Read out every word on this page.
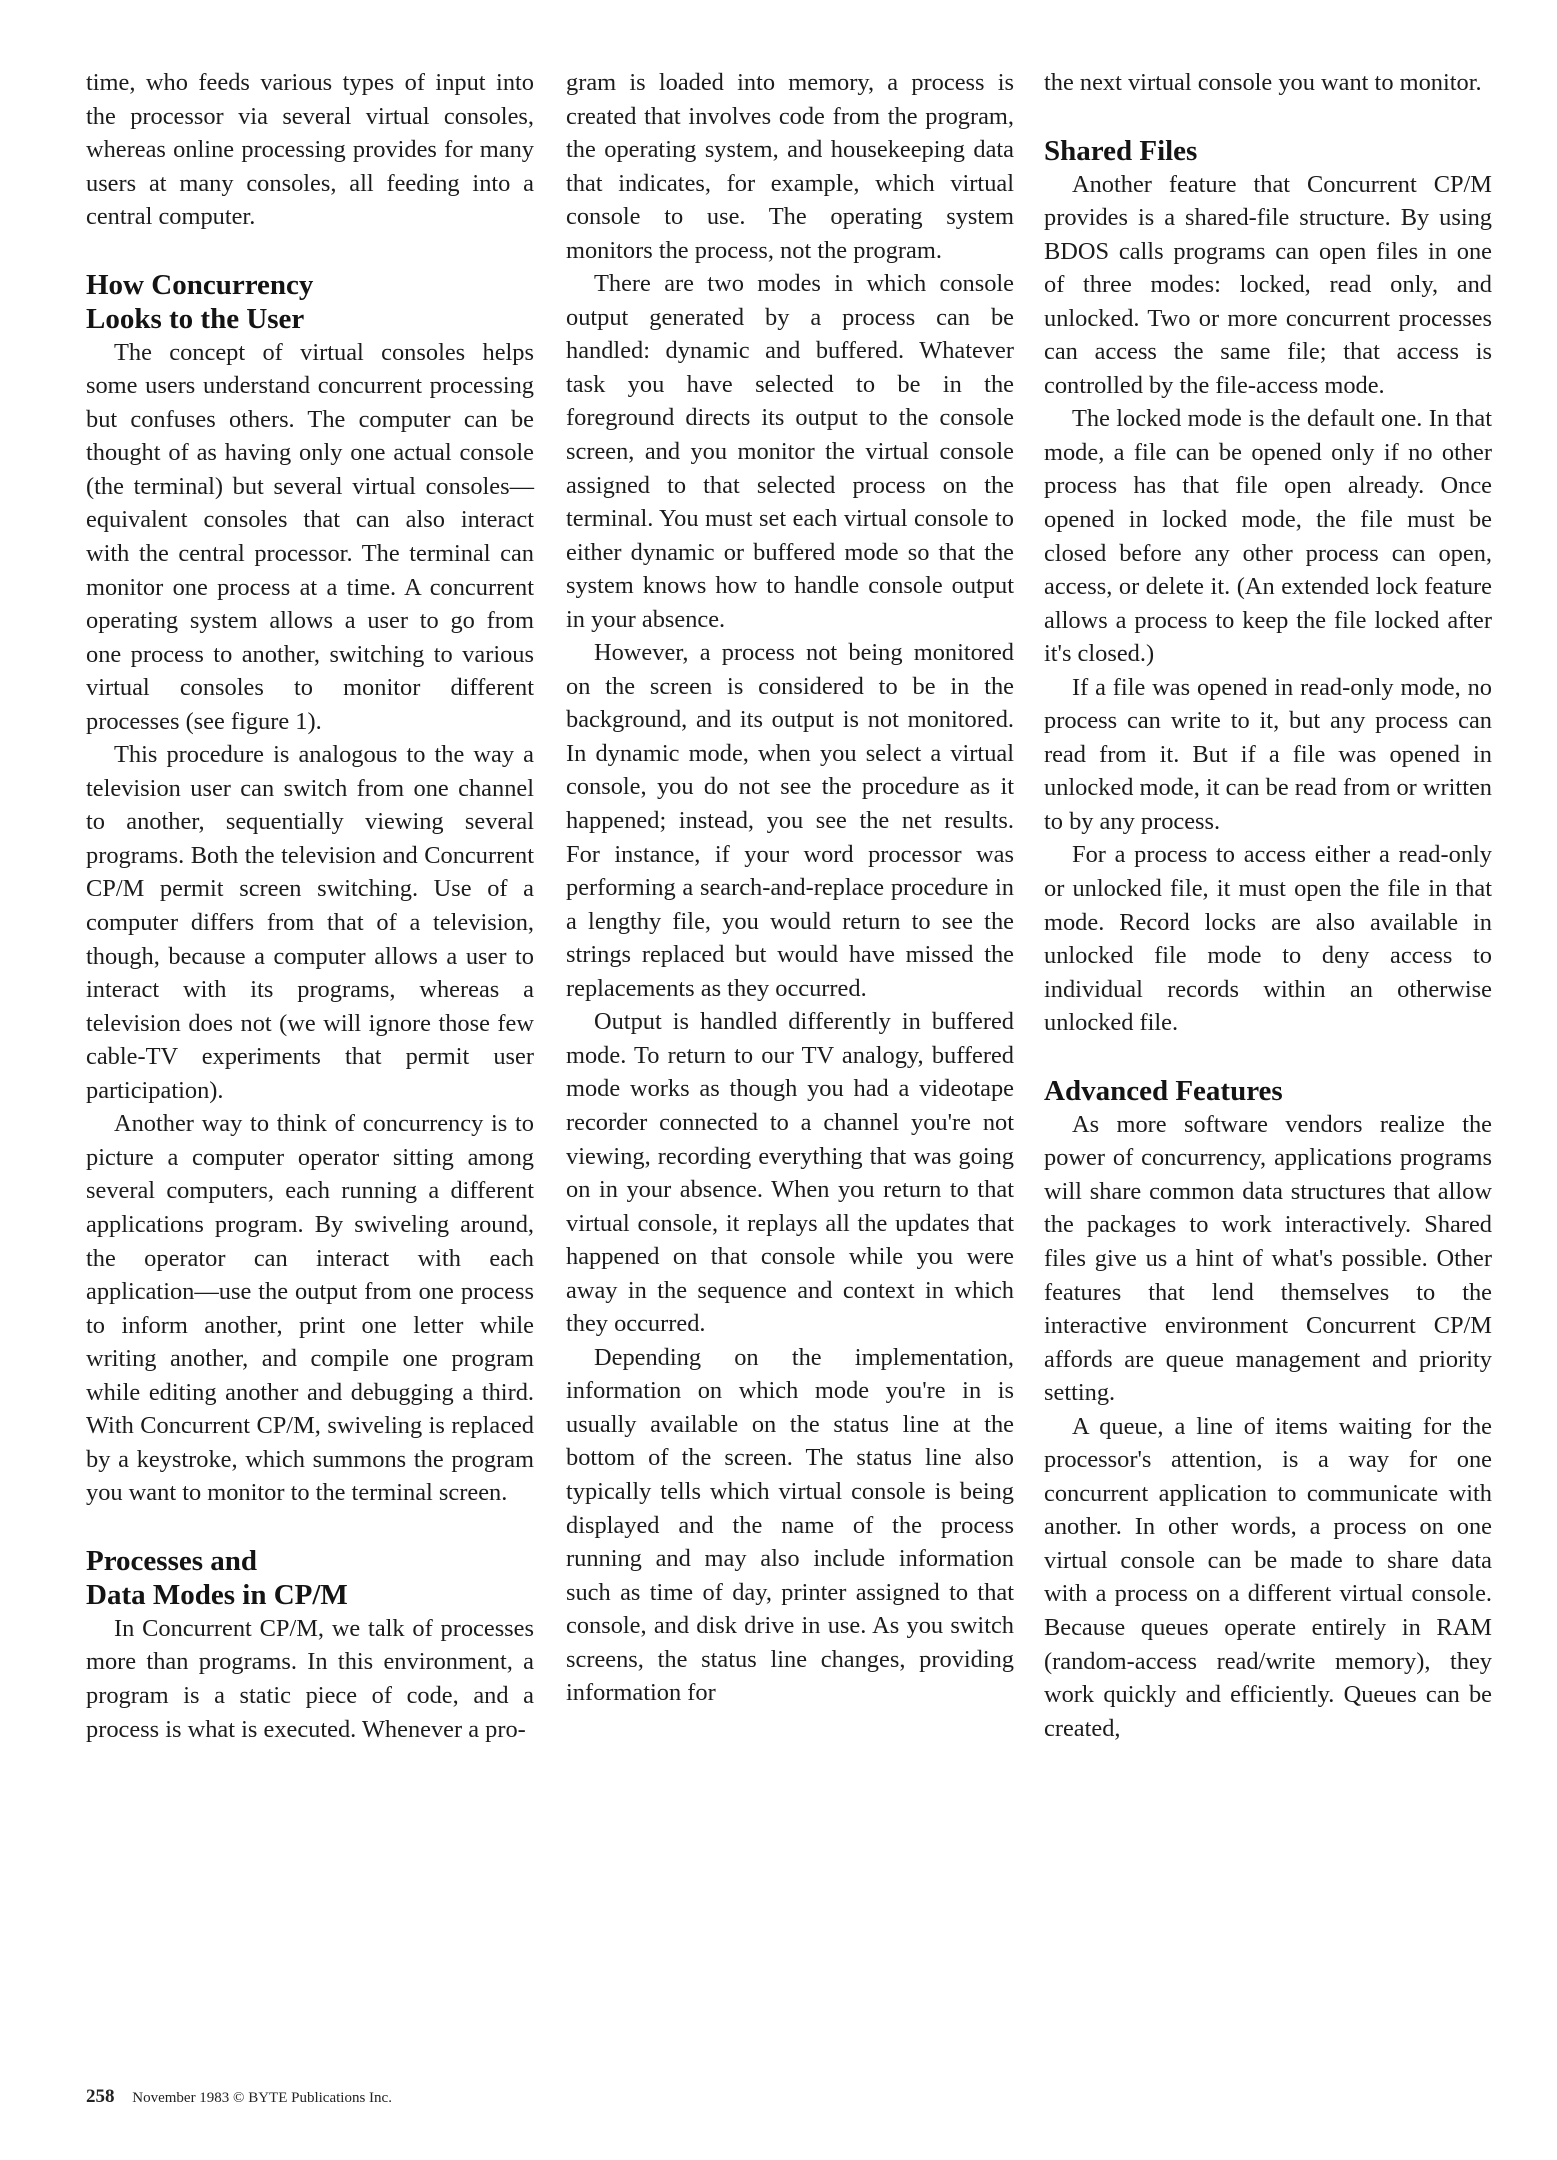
time, who feeds various types of input into the processor via several virtual consoles, whereas online processing provides for many users at many consoles, all feeding into a central computer.

How Concurrency
Looks to the User

The concept of virtual consoles helps some users understand concurrent processing but confuses others. The computer can be thought of as having only one actual console (the terminal) but several virtual consoles—equivalent consoles that can also interact with the central processor. The terminal can monitor one process at a time. A concurrent operating system allows a user to go from one process to another, switching to various virtual consoles to monitor different processes (see figure 1).

This procedure is analogous to the way a television user can switch from one channel to another, sequentially viewing several programs. Both the television and Concurrent CP/M permit screen switching. Use of a computer differs from that of a television, though, because a computer allows a user to interact with its programs, whereas a television does not (we will ignore those few cable-TV experiments that permit user participation).

Another way to think of concurrency is to picture a computer operator sitting among several computers, each running a different applications program. By swiveling around, the operator can interact with each application—use the output from one process to inform another, print one letter while writing another, and compile one program while editing another and debugging a third. With Concurrent CP/M, swiveling is replaced by a keystroke, which summons the program you want to monitor to the terminal screen.

Processes and
Data Modes in CP/M

In Concurrent CP/M, we talk of processes more than programs. In this environment, a program is a static piece of code, and a process is what is executed. Whenever a pro-

gram is loaded into memory, a process is created that involves code from the program, the operating system, and housekeeping data that indicates, for example, which virtual console to use. The operating system monitors the process, not the program.

There are two modes in which console output generated by a process can be handled: dynamic and buffered. Whatever task you have selected to be in the foreground directs its output to the console screen, and you monitor the virtual console assigned to that selected process on the terminal. You must set each virtual console to either dynamic or buffered mode so that the system knows how to handle console output in your absence.

However, a process not being monitored on the screen is considered to be in the background, and its output is not monitored. In dynamic mode, when you select a virtual console, you do not see the procedure as it happened; instead, you see the net results. For instance, if your word processor was performing a search-and-replace procedure in a lengthy file, you would return to see the strings replaced but would have missed the replacements as they occurred.

Output is handled differently in buffered mode. To return to our TV analogy, buffered mode works as though you had a videotape recorder connected to a channel you're not viewing, recording everything that was going on in your absence. When you return to that virtual console, it replays all the updates that happened on that console while you were away in the sequence and context in which they occurred.

Depending on the implementation, information on which mode you're in is usually available on the status line at the bottom of the screen. The status line also typically tells which virtual console is being displayed and the name of the process running and may also include information such as time of day, printer assigned to that console, and disk drive in use. As you switch screens, the status line changes, providing information for

the next virtual console you want to monitor.

Shared Files

Another feature that Concurrent CP/M provides is a shared-file structure. By using BDOS calls programs can open files in one of three modes: locked, read only, and unlocked. Two or more concurrent processes can access the same file; that access is controlled by the file-access mode.

The locked mode is the default one. In that mode, a file can be opened only if no other process has that file open already. Once opened in locked mode, the file must be closed before any other process can open, access, or delete it. (An extended lock feature allows a process to keep the file locked after it's closed.)

If a file was opened in read-only mode, no process can write to it, but any process can read from it. But if a file was opened in unlocked mode, it can be read from or written to by any process.

For a process to access either a read-only or unlocked file, it must open the file in that mode. Record locks are also available in unlocked file mode to deny access to individual records within an otherwise unlocked file.

Advanced Features

As more software vendors realize the power of concurrency, applications programs will share common data structures that allow the packages to work interactively. Shared files give us a hint of what's possible. Other features that lend themselves to the interactive environment Concurrent CP/M affords are queue management and priority setting.

A queue, a line of items waiting for the processor's attention, is a way for one concurrent application to communicate with another. In other words, a process on one virtual console can be made to share data with a process on a different virtual console. Because queues operate entirely in RAM (random-access read/write memory), they work quickly and efficiently. Queues can be created,

258 November 1983 © BYTE Publications Inc.
